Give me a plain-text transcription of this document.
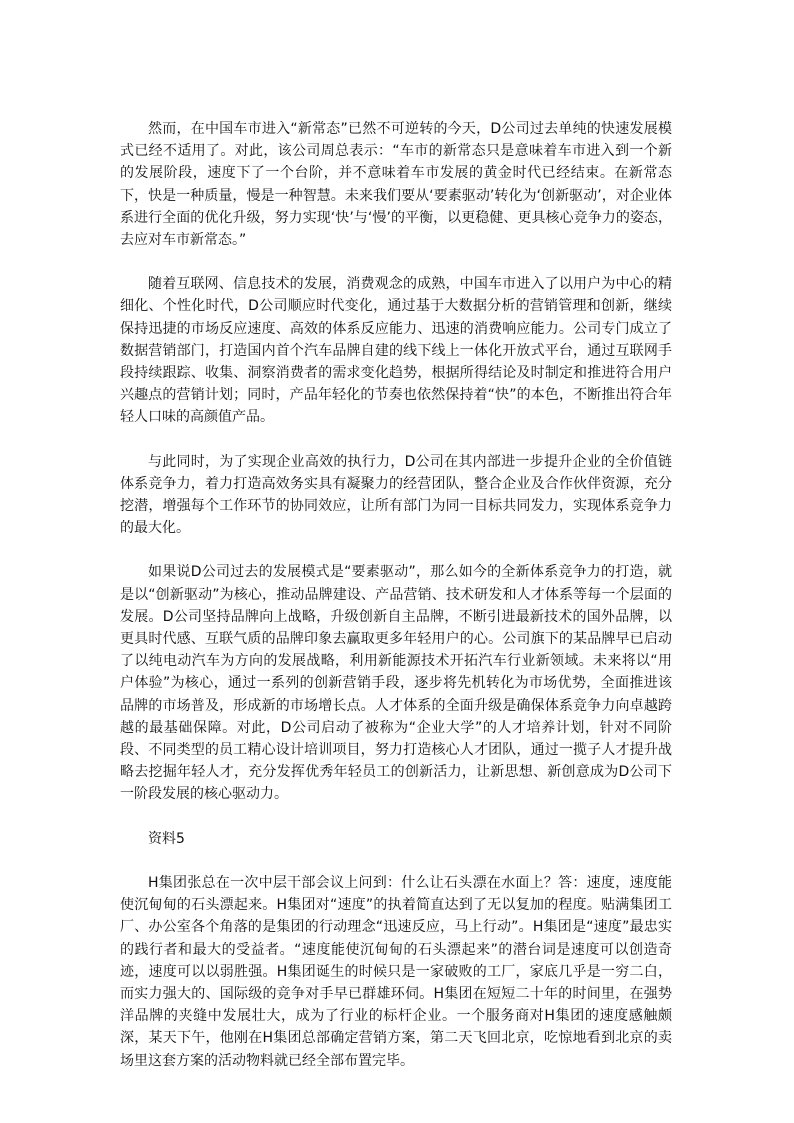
然而，在中国车市进入“新常态”已然不可逆转的今天，D公司过去单纯的快速发展模式已经不适用了。对此，该公司周总表示：“车市的新常态只是意味着车市进入到一个新的发展阶段，速度下了一个台阶，并不意味着车市发展的黄金时代已经结束。在新常态下，快是一种质量，慢是一种智慧。未来我们要从‘要素驱动’转化为‘创新驱动’，对企业体系进行全面的优化升级，努力实现‘快’与‘慢’的平衡，以更稳健、更具核心竞争力的姿态，去应对车市新常态。”

随着互联网、信息技术的发展，消费观念的成熟，中国车市进入了以用户为中心的精细化、个性化时代，D公司顺应时代变化，通过基于大数据分析的营销管理和创新，继续保持迅捷的市场反应速度、高效的体系反应能力、迅速的消费响应能力。公司专门成立了数据营销部门，打造国内首个汽车品牌自建的线下线上一体化开放式平台，通过互联网手段持续跟踪、收集、洞察消费者的需求变化趋势，根据所得结论及时制定和推进符合用户兴趣点的营销计划；同时，产品年轻化的节奏也依然保持着“快”的本色，不断推出符合年轻人口味的高颜值产品。

与此同时，为了实现企业高效的执行力，D公司在其内部进一步提升企业的全价值链体系竞争力，着力打造高效务实具有凝聚力的经营团队，整合企业及合作伙伴资源，充分挖潜，增强每个工作环节的协同效应，让所有部门为同一目标共同发力，实现体系竞争力的最大化。

如果说D公司过去的发展模式是“要素驱动”，那么如今的全新体系竞争力的打造，就是以“创新驱动”为核心，推动品牌建设、产品营销、技术研发和人才体系等每一个层面的发展。D公司坚持品牌向上战略，升级创新自主品牌，不断引进最新技术的国外品牌，以更具时代感、互联气质的品牌印象去赢取更多年轻用户的心。公司旗下的某品牌早已启动了以纯电动汽车为方向的发展战略，利用新能源技术开拓汽车行业新领域。未来将以“用户体验”为核心，通过一系列的创新营销手段，逐步将先机转化为市场优势，全面推进该品牌的市场普及，形成新的市场增长点。人才体系的全面升级是确保体系竞争力向卓越跨越的最基础保障。对此，D公司启动了被称为“企业大学”的人才培养计划，针对不同阶段、不同类型的员工精心设计培训项目，努力打造核心人才团队，通过一揽子人才提升战略去挖掘年轻人才，充分发挥优秀年轻员工的创新活力，让新思想、新创意成为D公司下一阶段发展的核心驱动力。

资料5

H集团张总在一次中层干部会议上问到：什么让石头漂在水面上？答：速度，速度能使沉甸甸的石头漂起来。H集团对“速度”的执着简直达到了无以复加的程度。贴满集团工厂、办公室各个角落的是集团的行动理念“迅速反应，马上行动”。H集团是“速度”最忠实的践行者和最大的受益者。“速度能使沉甸甸的石头漂起来”的潜台词是速度可以创造奇迹，速度可以以弱胜强。H集团诞生的时候只是一家破败的工厂，家底几乎是一穷二白，而实力强大的、国际级的竞争对手早已群雄环伺。H集团在短短二十年的时间里，在强势洋品牌的夹缝中发展壮大，成为了行业的标杆企业。一个服务商对H集团的速度感触颇深，某天下午，他刚在H集团总部确定营销方案，第二天飞回北京，吃惊地看到北京的卖场里这套方案的活动物料就已经全部布置完毕。
